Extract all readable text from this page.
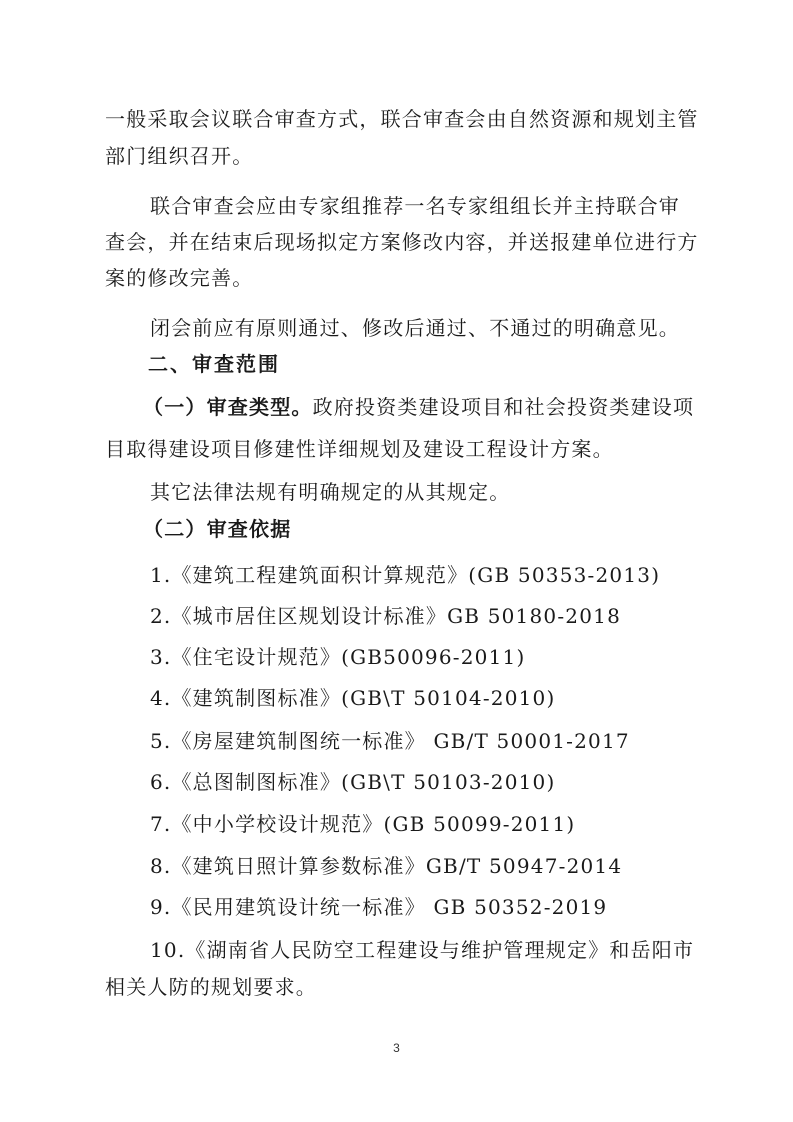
一般采取会议联合审查方式，联合审查会由自然资源和规划主管
部门组织召开。
联合审查会应由专家组推荐一名专家组组长并主持联合审
查会，并在结束后现场拟定方案修改内容，并送报建单位进行方
案的修改完善。
闭会前应有原则通过、修改后通过、不通过的明确意见。
二、审查范围
（一）审查类型。政府投资类建设项目和社会投资类建设项
目取得建设项目修建性详细规划及建设工程设计方案。
其它法律法规有明确规定的从其规定。
（二）审查依据
1.《建筑工程建筑面积计算规范》(GB 50353-2013)
2.《城市居住区规划设计标准》GB 50180-2018
3.《住宅设计规范》(GB50096-2011)
4.《建筑制图标准》(GB\T 50104-2010)
5.《房屋建筑制图统一标准》 GB/T 50001-2017
6.《总图制图标准》(GB\T 50103-2010)
7.《中小学校设计规范》(GB 50099-2011)
8.《建筑日照计算参数标准》GB/T 50947-2014
9.《民用建筑设计统一标准》 GB 50352-2019
10.《湖南省人民防空工程建设与维护管理规定》和岳阳市
相关人防的规划要求。
3
